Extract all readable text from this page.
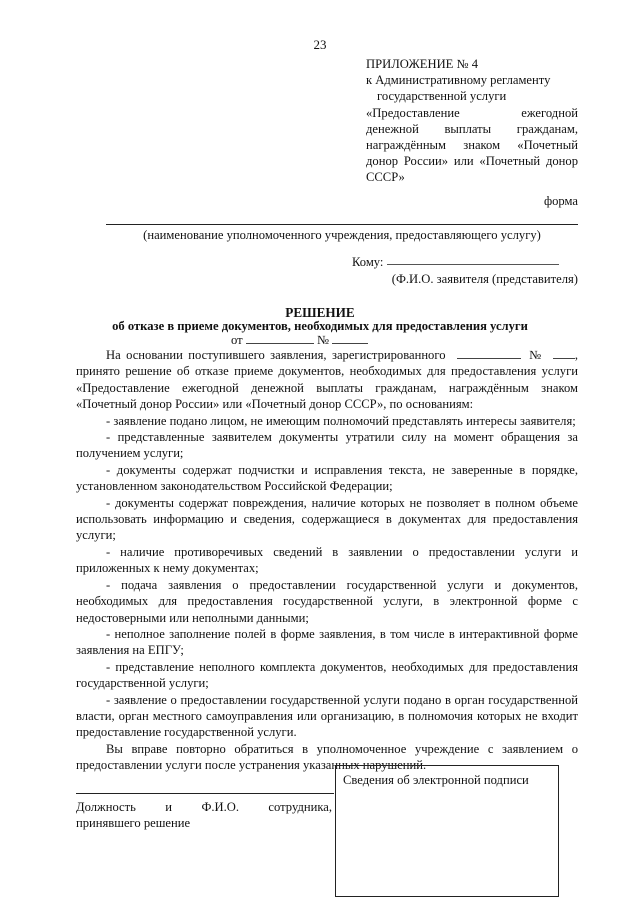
23
ПРИЛОЖЕНИЕ № 4
к Административному регламенту
государственной услуги
«Предоставление ежегодной
денежной выплаты гражданам,
награждённым знаком «Почетный
донор России» или «Почетный донор
СССР»
форма
(наименование уполномоченного учреждения, предоставляющего услугу)
Кому:
(Ф.И.О. заявителя (представителя)
РЕШЕНИЕ
об отказе в приеме документов, необходимых для предоставления услуги
от	№

На основании поступившего заявления, зарегистрированного	№ , принято решение об отказе приеме документов, необходимых для предоставления услуги «Предоставление ежегодной денежной выплаты гражданам, награждённым знаком «Почетный донор России» или «Почетный донор СССР», по основаниям:

- заявление подано лицом, не имеющим полномочий представлять интересы заявителя;

- представленные заявителем документы утратили силу на момент обращения за получением услуги;

- документы содержат подчистки и исправления текста, не заверенные в порядке, установленном законодательством Российской Федерации;

- документы содержат повреждения, наличие которых не позволяет в полном объеме использовать информацию и сведения, содержащиеся в документах для предоставления услуги;

- наличие противоречивых сведений в заявлении о предоставлении услуги и приложенных к нему документах;

- подача заявления о предоставлении государственной услуги и документов, необходимых для предоставления государственной услуги, в электронной форме с недостоверными или неполными данными;

- неполное заполнение полей в форме заявления, в том числе в интерактивной форме заявления на ЕПГУ;

- представление неполного комплекта документов, необходимых для предоставления государственной услуги;

- заявление о предоставлении государственной услуги подано в орган государственной власти, орган местного самоуправления или организацию, в полномочия которых не входит предоставление государственной услуги.

Вы вправе повторно обратиться в уполномоченное учреждение с заявлением о предоставлении услуги после устранения указанных нарушений.

Сведения об электронной подписи
Должность и Ф.И.О. сотрудника,
принявшего решение
